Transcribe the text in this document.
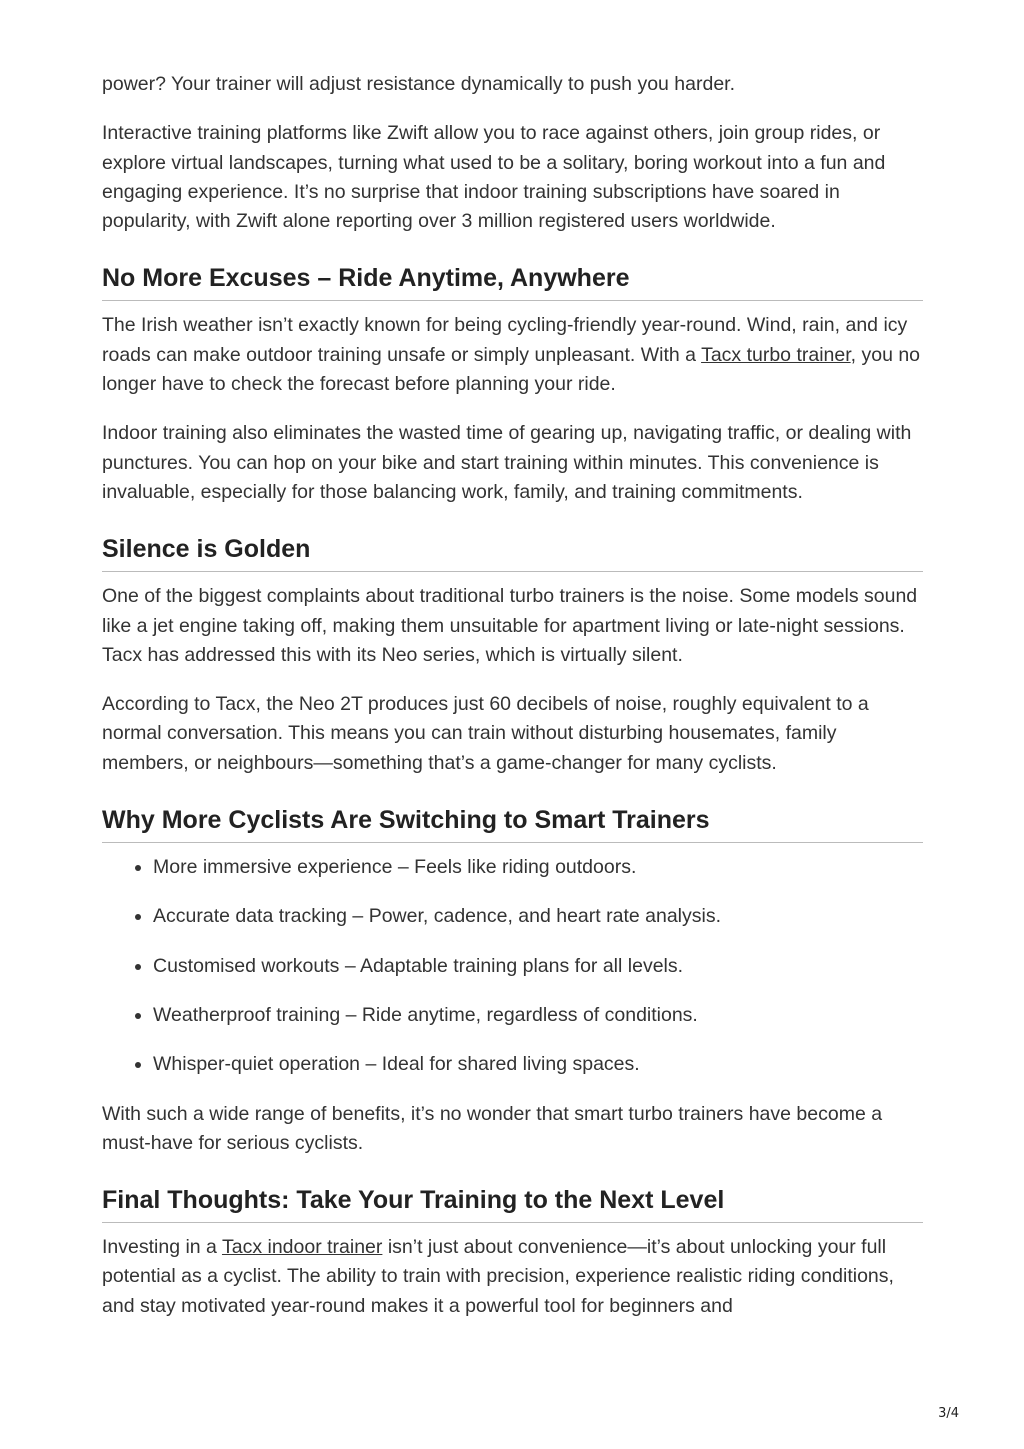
power? Your trainer will adjust resistance dynamically to push you harder.

Interactive training platforms like Zwift allow you to race against others, join group rides, or explore virtual landscapes, turning what used to be a solitary, boring workout into a fun and engaging experience. It’s no surprise that indoor training subscriptions have soared in popularity, with Zwift alone reporting over 3 million registered users worldwide.

No More Excuses – Ride Anytime, Anywhere

The Irish weather isn’t exactly known for being cycling-friendly year-round. Wind, rain, and icy roads can make outdoor training unsafe or simply unpleasant. With a Tacx turbo trainer, you no longer have to check the forecast before planning your ride.

Indoor training also eliminates the wasted time of gearing up, navigating traffic, or dealing with punctures. You can hop on your bike and start training within minutes. This convenience is invaluable, especially for those balancing work, family, and training commitments.

Silence is Golden

One of the biggest complaints about traditional turbo trainers is the noise. Some models sound like a jet engine taking off, making them unsuitable for apartment living or late-night sessions. Tacx has addressed this with its Neo series, which is virtually silent.

According to Tacx, the Neo 2T produces just 60 decibels of noise, roughly equivalent to a normal conversation. This means you can train without disturbing housemates, family members, or neighbours—something that’s a game-changer for many cyclists.

Why More Cyclists Are Switching to Smart Trainers
• More immersive experience – Feels like riding outdoors.
• Accurate data tracking – Power, cadence, and heart rate analysis.
• Customised workouts – Adaptable training plans for all levels.
• Weatherproof training – Ride anytime, regardless of conditions.
• Whisper-quiet operation – Ideal for shared living spaces.

With such a wide range of benefits, it’s no wonder that smart turbo trainers have become a must-have for serious cyclists.

Final Thoughts: Take Your Training to the Next Level

Investing in a Tacx indoor trainer isn’t just about convenience—it’s about unlocking your full potential as a cyclist. The ability to train with precision, experience realistic riding conditions, and stay motivated year-round makes it a powerful tool for beginners and

3/4
